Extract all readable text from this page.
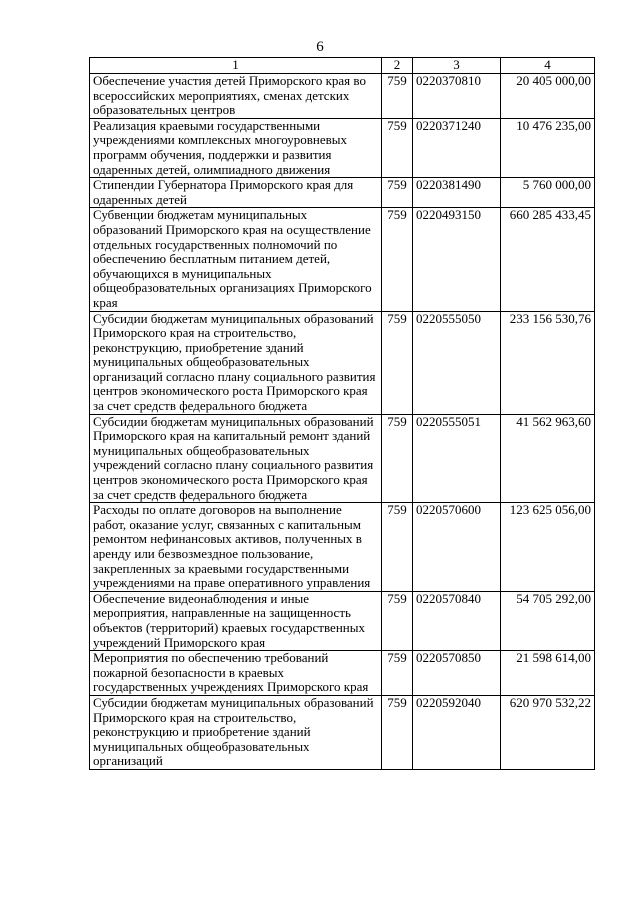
6
1	2	3	4
Обеспечение участия детей Приморского края во всероссийских мероприятиях, сменах детских образовательных центров	759	0220370810	20 405 000,00
Реализация краевыми государственными учреждениями комплексных многоуровневых программ обучения, поддержки и развития одаренных детей, олимпиадного движения	759	0220371240	10 476 235,00
Стипендии Губернатора Приморского края для одаренных детей	759	0220381490	5 760 000,00
Субвенции бюджетам муниципальных образований Приморского края на осуществление отдельных государственных полномочий по обеспечению бесплатным питанием детей, обучающихся в муниципальных общеобразовательных организациях Приморского края	759	0220493150	660 285 433,45
Субсидии бюджетам муниципальных образований Приморского края на строительство, реконструкцию, приобретение зданий муниципальных общеобразовательных организаций согласно плану социального развития центров экономического роста Приморского края за счет средств федерального бюджета	759	0220555050	233 156 530,76
Субсидии бюджетам муниципальных образований Приморского края на капитальный ремонт зданий муниципальных общеобразовательных учреждений согласно плану социального развития центров экономического роста Приморского края за счет средств федерального бюджета	759	0220555051	41 562 963,60
Расходы по оплате договоров на выполнение работ, оказание услуг, связанных с капитальным ремонтом нефинансовых активов, полученных в аренду или безвозмездное пользование, закрепленных за краевыми государственными учреждениями на праве оперативного управления	759	0220570600	123 625 056,00
Обеспечение видеонаблюдения и иные мероприятия, направленные на защищенность объектов (территорий) краевых государственных учреждений Приморского края	759	0220570840	54 705 292,00
Мероприятия по обеспечению требований пожарной безопасности в краевых государственных учреждениях Приморского края	759	0220570850	21 598 614,00
Субсидии бюджетам муниципальных образований Приморского края на строительство, реконструкцию и приобретение зданий муниципальных общеобразовательных организаций	759	0220592040	620 970 532,22
